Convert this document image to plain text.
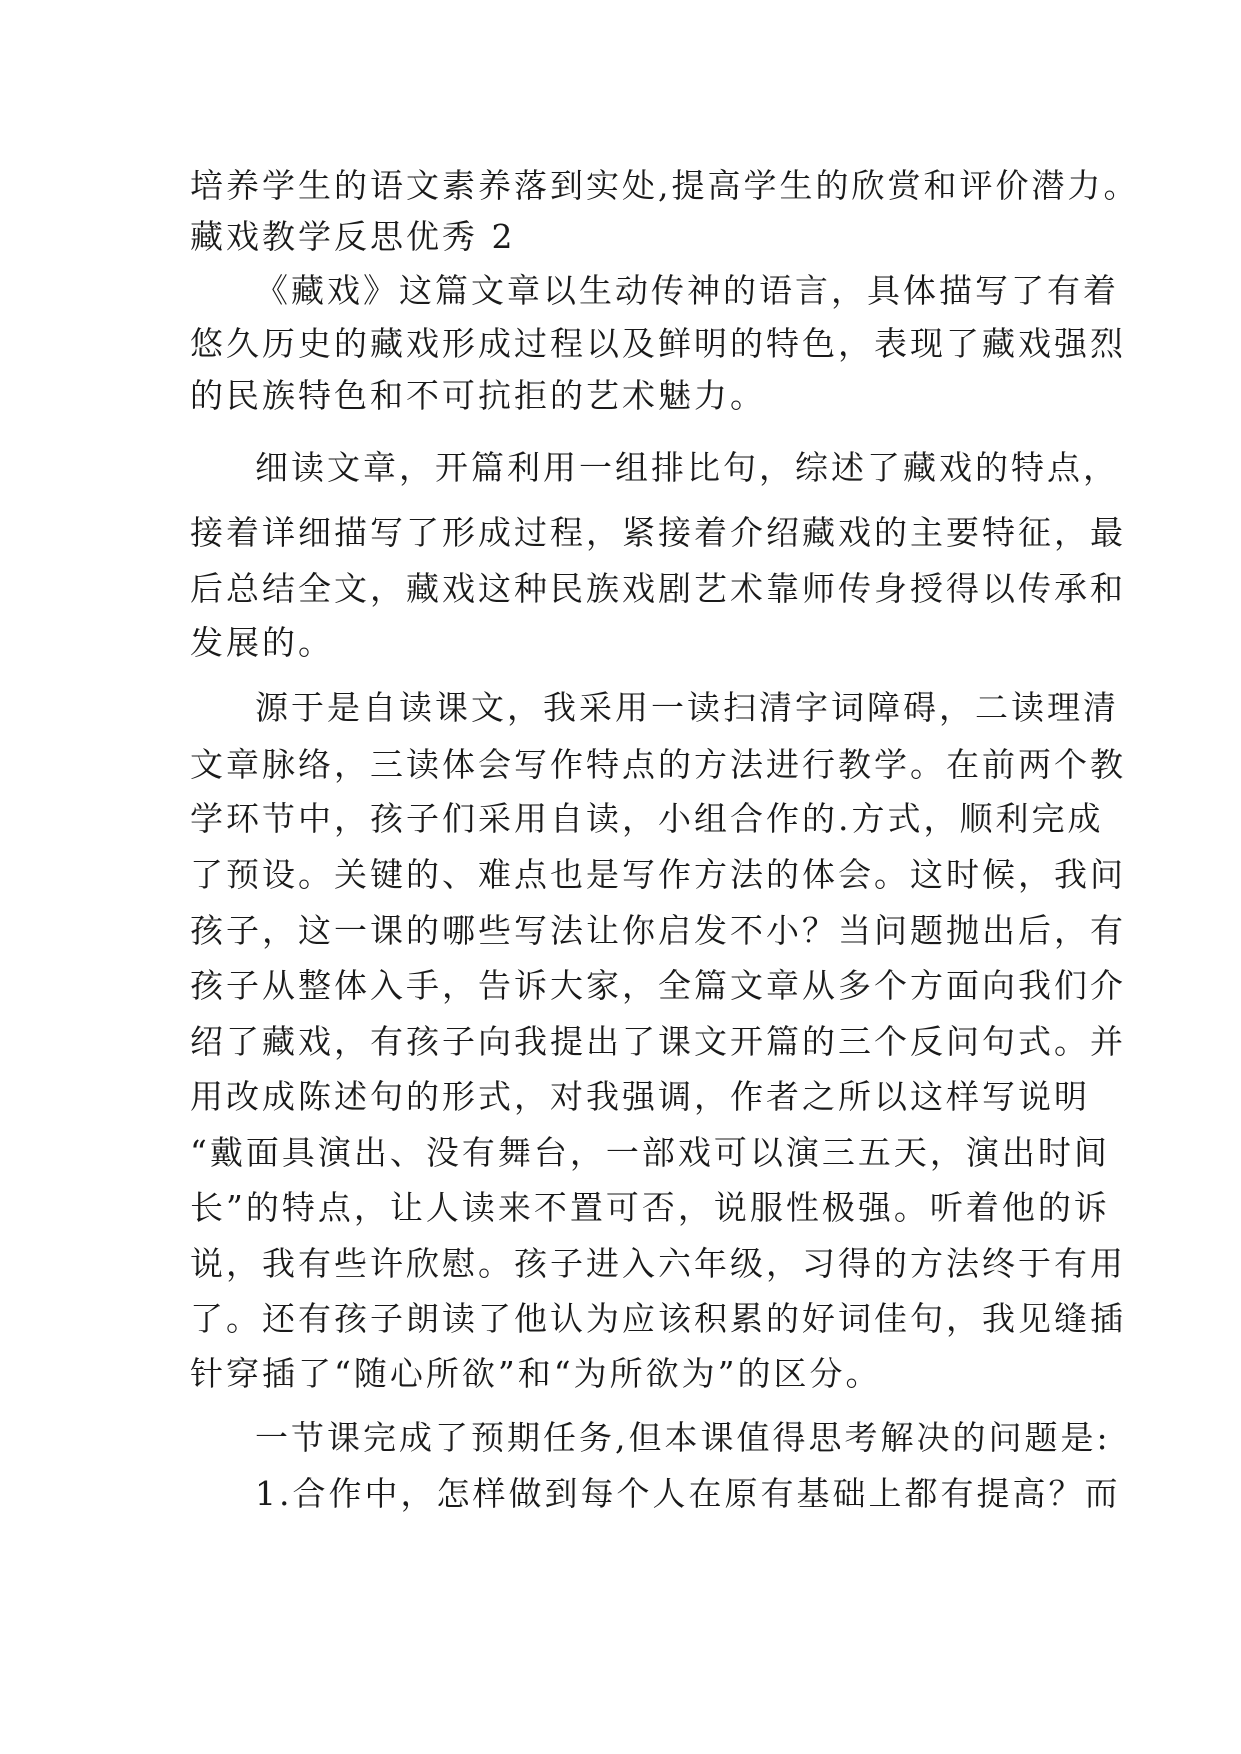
培养学生的语文素养落到实处,提高学生的欣赏和评价潜力。
藏戏教学反思优秀 2
《藏戏》这篇文章以生动传神的语言，具体描写了有着
悠久历史的藏戏形成过程以及鲜明的特色，表现了藏戏强烈
的民族特色和不可抗拒的艺术魅力。
细读文章，开篇利用一组排比句，综述了藏戏的特点，
接着详细描写了形成过程，紧接着介绍藏戏的主要特征，最
后总结全文，藏戏这种民族戏剧艺术靠师传身授得以传承和
发展的。
源于是自读课文，我采用一读扫清字词障碍，二读理清
文章脉络，三读体会写作特点的方法进行教学。在前两个教
学环节中，孩子们采用自读，小组合作的.方式，顺利完成
了预设。关键的、难点也是写作方法的体会。这时候，我问
孩子，这一课的哪些写法让你启发不小？当问题抛出后，有
孩子从整体入手，告诉大家，全篇文章从多个方面向我们介
绍了藏戏，有孩子向我提出了课文开篇的三个反问句式。并
用改成陈述句的形式，对我强调，作者之所以这样写说明
“戴面具演出、没有舞台，一部戏可以演三五天，演出时间
长”的特点，让人读来不置可否，说服性极强。听着他的诉
说，我有些许欣慰。孩子进入六年级，习得的方法终于有用
了。还有孩子朗读了他认为应该积累的好词佳句，我见缝插
针穿插了“随心所欲”和“为所欲为”的区分。
一节课完成了预期任务,但本课值得思考解决的问题是:
1.合作中，怎样做到每个人在原有基础上都有提高？而
